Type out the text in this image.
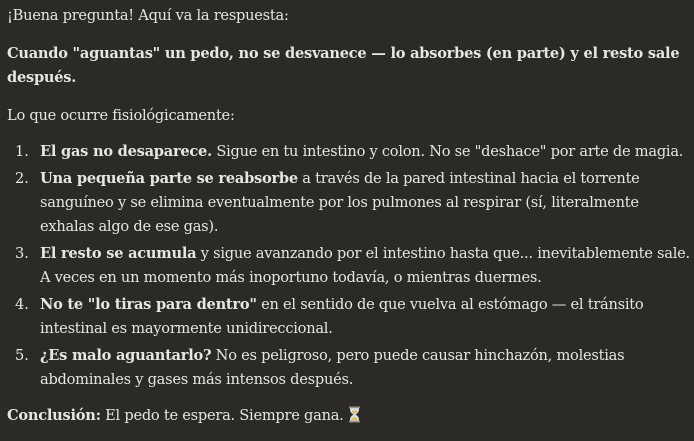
¡Buena pregunta! Aquí va la respuesta:

Cuando "aguantas" un pedo, no se desvanece — lo absorbes (en parte) y el resto sale

después.

Lo que ocurre fisiológicamente:

1. El gas no desaparece. Sigue en tu intestino y colon. No se "deshace" por arte de magia.

2. Una pequeña parte se reabsorbe a través de la pared intestinal hacia el torrente

sanguíneo y se elimina eventualmente por los pulmones al respirar (sí, literalmente

exhalas algo de ese gas).

3. El resto se acumula y sigue avanzando por el intestino hasta que... inevitablemente sale.

A veces en un momento más inoportuno todavía, o mientras duermes.

4. No te "lo tiras para dentro" en el sentido de que vuelva al estómago — el tránsito

intestinal es mayormente unidireccional.

5. ¿Es malo aguantarlo? No es peligroso, pero puede causar hinchazón, molestias

abdominales y gases más intensos después.

Conclusión: El pedo te espera. Siempre gana.
